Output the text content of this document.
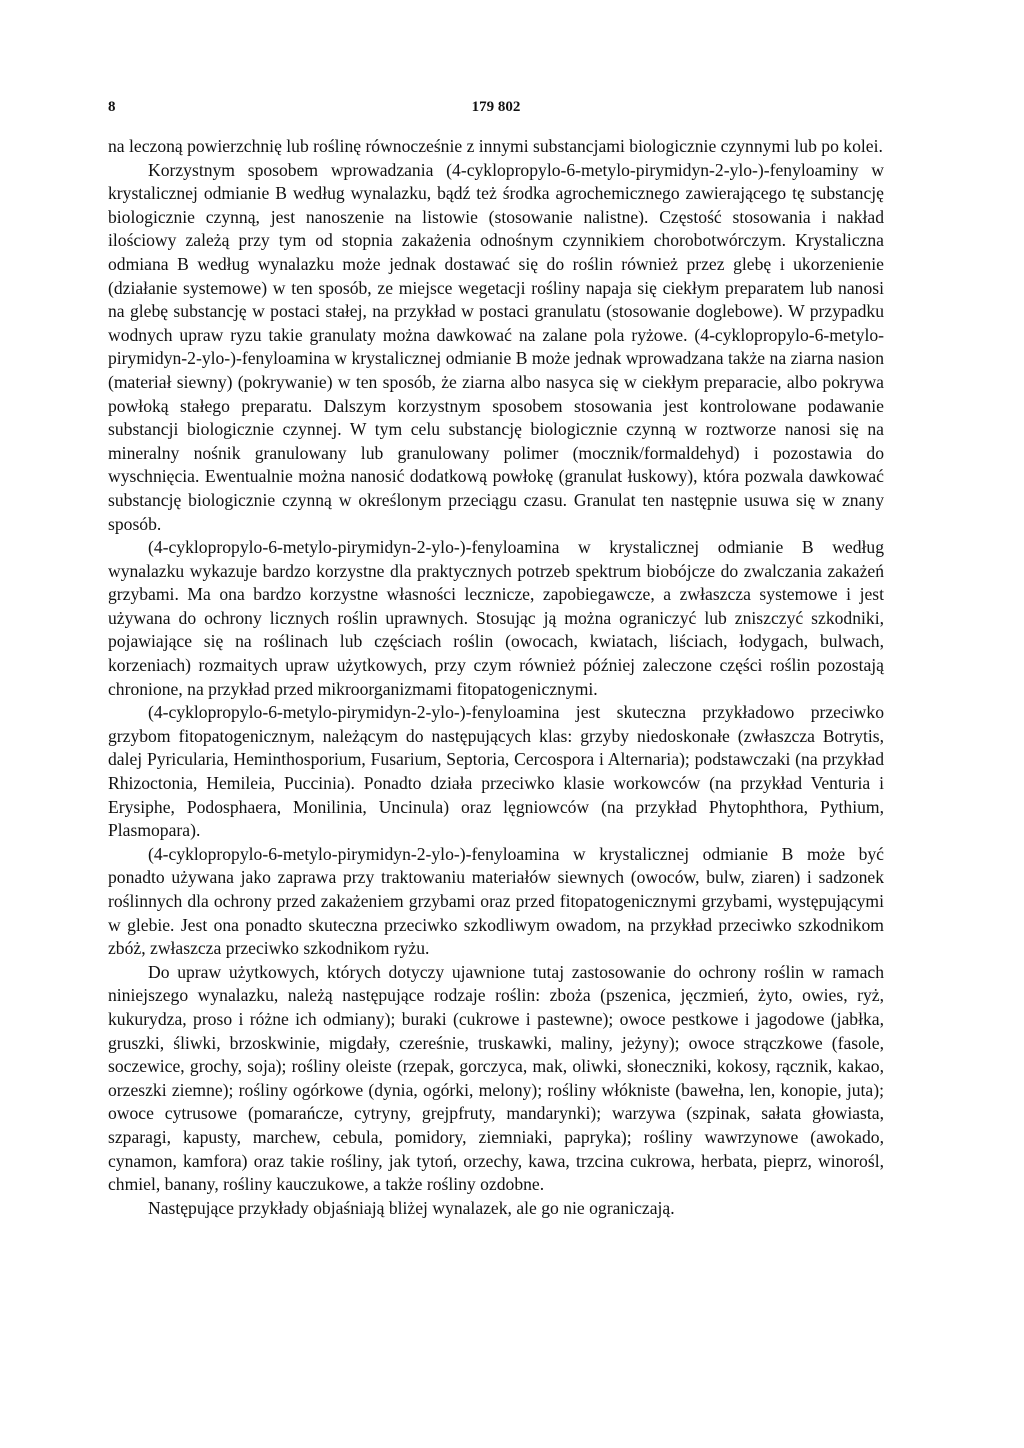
8	179 802

na leczoną powierzchnię lub roślinę równocześnie z innymi substancjami biologicznie czynnymi lub po kolei.

Korzystnym sposobem wprowadzania (4-cyklopropylo-6-metylo-pirymidyn-2-ylo-)-fenyloaminy w krystalicznej odmianie B według wynalazku, bądź też środka agrochemicznego zawierającego tę substancję biologicznie czynną, jest nanoszenie na listowie (stosowanie nalistne). Częstość stosowania i nakład ilościowy zależą przy tym od stopnia zakażenia odnośnym czynnikiem chorobotwórczym. Krystaliczna odmiana B według wynalazku może jednak dostawać się do roślin również przez glebę i ukorzenienie (działanie systemowe) w ten sposób, ze miejsce wegetacji rośliny napaja się ciekłym preparatem lub nanosi na glebę substancję w postaci stałej, na przykład w postaci granulatu (stosowanie doglebowe). W przypadku wodnych upraw ryzu takie granulaty można dawkować na zalane pola ryżowe. (4-cyklopropylo-6-metylo-pirymidyn-2-ylo-)-fenyloamina w krystalicznej odmianie B może jednak wprowadzana także na ziarna nasion (materiał siewny) (pokrywanie) w ten sposób, że ziarna albo nasyca się w ciekłym preparacie, albo pokrywa powłoką stałego preparatu. Dalszym korzystnym sposobem stosowania jest kontrolowane podawanie substancji biologicznie czynnej. W tym celu substancję biologicznie czynną w roztworze nanosi się na mineralny nośnik granulowany lub granulowany polimer (mocznik/formaldehyd) i pozostawia do wyschnięcia. Ewentualnie można nanosić dodatkową powłokę (granulat łuskowy), która pozwala dawkować substancję biologicznie czynną w określonym przeciągu czasu. Granulat ten następnie usuwa się w znany sposób.

(4-cyklopropylo-6-metylo-pirymidyn-2-ylo-)-fenyloamina w krystalicznej odmianie B według wynalazku wykazuje bardzo korzystne dla praktycznych potrzeb spektrum biobójcze do zwalczania zakażeń grzybami. Ma ona bardzo korzystne własności lecznicze, zapobiegawcze, a zwłaszcza systemowe i jest używana do ochrony licznych roślin uprawnych. Stosując ją można ograniczyć lub zniszczyć szkodniki, pojawiające się na roślinach lub częściach roślin (owocach, kwiatach, liściach, łodygach, bulwach, korzeniach) rozmaitych upraw użytkowych, przy czym również później zaleczone części roślin pozostają chronione, na przykład przed mikroorganizmami fitopatogenicznymi.

(4-cyklopropylo-6-metylo-pirymidyn-2-ylo-)-fenyloamina jest skuteczna przykładowo przeciwko grzybom fitopatogenicznym, należącym do następujących klas: grzyby niedoskonałe (zwłaszcza Botrytis, dalej Pyricularia, Heminthosporium, Fusarium, Septoria, Cercospora i Alternaria); podstawczaki (na przykład Rhizoctonia, Hemileia, Puccinia). Ponadto działa przeciwko klasie workowców (na przykład Venturia i Erysiphe, Podosphaera, Monilinia, Uncinula) oraz lęgniowców (na przykład Phytophthora, Pythium, Plasmopara).

(4-cyklopropylo-6-metylo-pirymidyn-2-ylo-)-fenyloamina w krystalicznej odmianie B może być ponadto używana jako zaprawa przy traktowaniu materiałów siewnych (owoców, bulw, ziaren) i sadzonek roślinnych dla ochrony przed zakażeniem grzybami oraz przed fitopatogenicznymi grzybami, występującymi w glebie. Jest ona ponadto skuteczna przeciwko szkodliwym owadom, na przykład przeciwko szkodnikom zbóż, zwłaszcza przeciwko szkodnikom ryżu.

Do upraw użytkowych, których dotyczy ujawnione tutaj zastosowanie do ochrony roślin w ramach niniejszego wynalazku, należą następujące rodzaje roślin: zboża (pszenica, jęczmień, żyto, owies, ryż, kukurydza, proso i różne ich odmiany); buraki (cukrowe i pastewne); owoce pestkowe i jagodowe (jabłka, gruszki, śliwki, brzoskwinie, migdały, czereśnie, truskawki, maliny, jeżyny); owoce strączkowe (fasole, soczewice, grochy, soja); rośliny oleiste (rzepak, gorczyca, mak, oliwki, słoneczniki, kokosy, rącznik, kakao, orzeszki ziemne); rośliny ogórkowe (dynia, ogórki, melony); rośliny włókniste (bawełna, len, konopie, juta); owoce cytrusowe (pomarańcze, cytryny, grejpfruty, mandarynki); warzywa (szpinak, sałata głowiasta, szparagi, kapusty, marchew, cebula, pomidory, ziemniaki, papryka); rośliny wawrzynowe (awokado, cynamon, kamfora) oraz takie rośliny, jak tytoń, orzechy, kawa, trzcina cukrowa, herbata, pieprz, winorośl, chmiel, banany, rośliny kauczukowe, a także rośliny ozdobne.

Następujące przykłady objaśniają bliżej wynalazek, ale go nie ograniczają.
